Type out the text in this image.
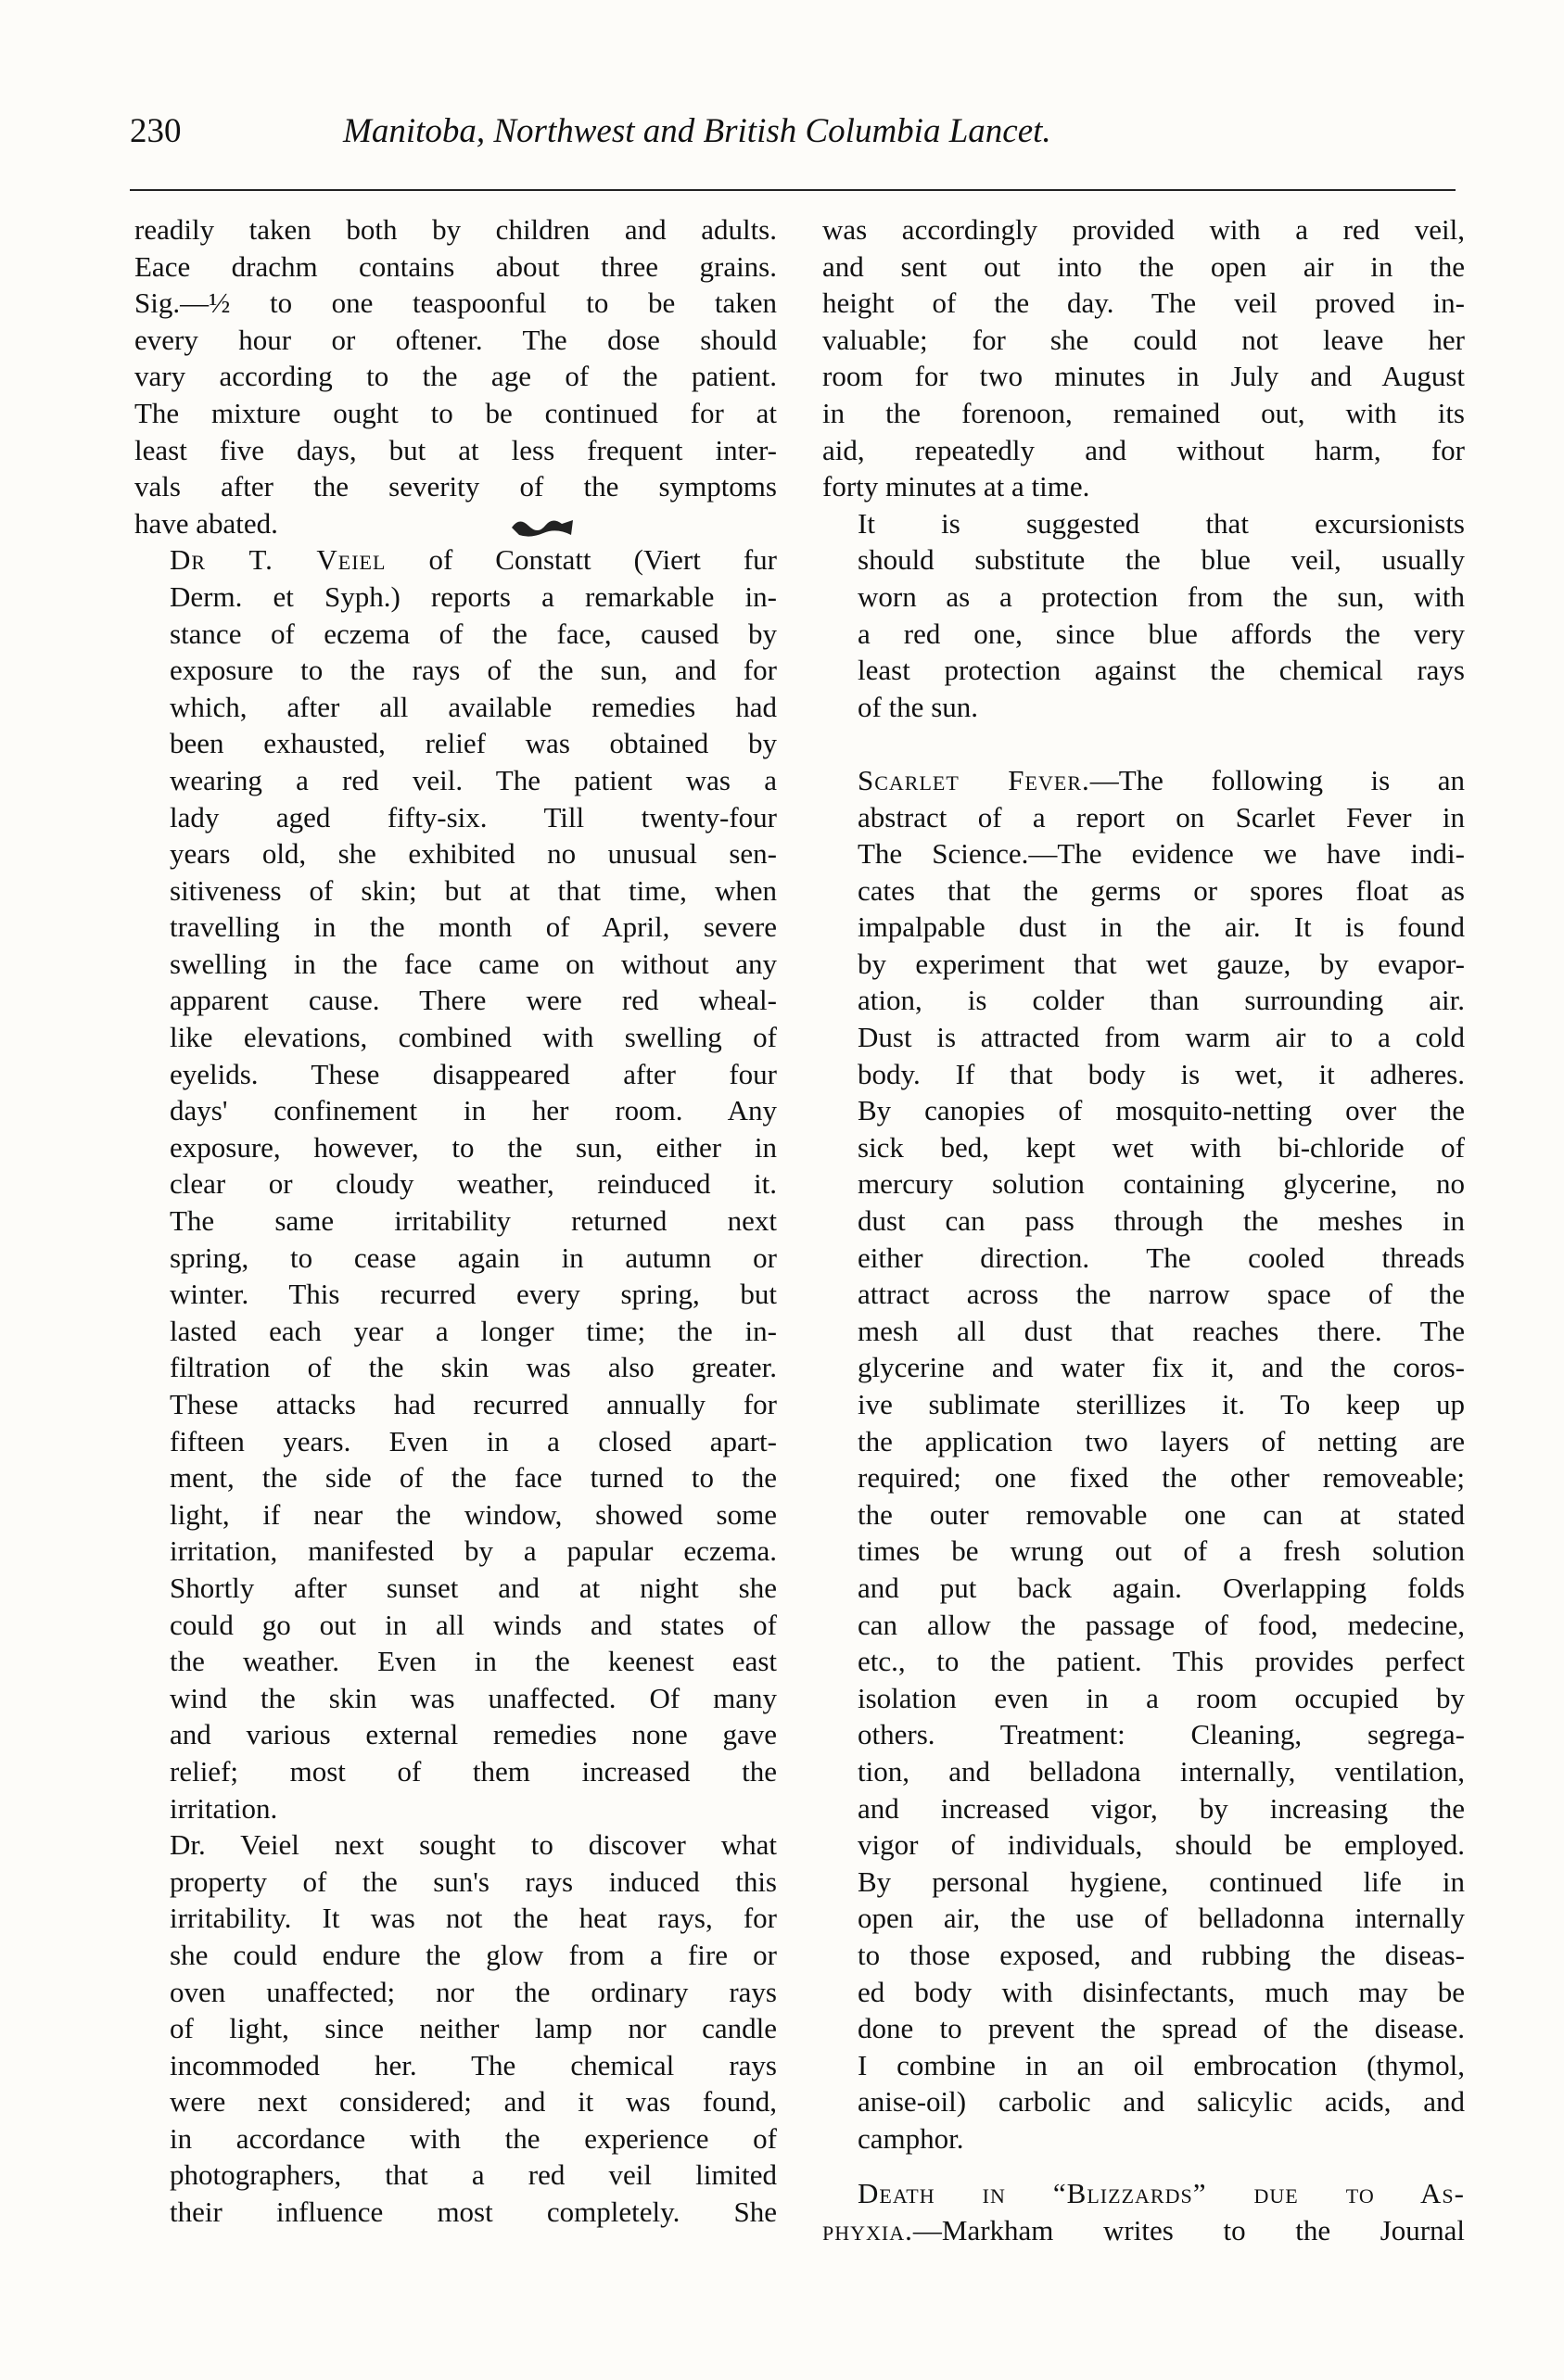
230	Manitoba, Northwest and British Columbia Lancet.

readily taken both by children and adults.
Eace drachm contains about three grains.
Sig.—½ to one teaspoonful to be taken
every hour or oftener. The dose should
vary according to the age of the patient.
The mixture ought to be continued for at
least five days, but at less frequent inter-
vals after the severity of the symptoms
have abated.

Dr T. Veiel of Constatt (Viert fur
Derm. et Syph.) reports a remarkable in-
stance of eczema of the face, caused by
exposure to the rays of the sun, and for
which, after all available remedies had
been exhausted, relief was obtained by
wearing a red veil. The patient was a
lady aged fifty-six. Till twenty-four
years old, she exhibited no unusual sen-
sitiveness of skin; but at that time, when
travelling in the month of April, severe
swelling in the face came on without any
apparent cause. There were red wheal-
like elevations, combined with swelling of
eyelids. These disappeared after four
days' confinement in her room. Any
exposure, however, to the sun, either in
clear or cloudy weather, reinduced it.
The same irritability returned next
spring, to cease again in autumn or
winter. This recurred every spring, but
lasted each year a longer time; the in-
filtration of the skin was also greater.
These attacks had recurred annually for
fifteen years. Even in a closed apart-
ment, the side of the face turned to the
light, if near the window, showed some
irritation, manifested by a papular eczema.
Shortly after sunset and at night she
could go out in all winds and states of
the weather. Even in the keenest east
wind the skin was unaffected. Of many
and various external remedies none gave
relief; most of them increased the
irritation.

Dr. Veiel next sought to discover what
property of the sun's rays induced this
irritability. It was not the heat rays, for
she could endure the glow from a fire or
oven unaffected; nor the ordinary rays
of light, since neither lamp nor candle
incommoded her. The chemical rays
were next considered; and it was found,
in accordance with the experience of
photographers, that a red veil limited
their influence most completely. She

was accordingly provided with a red veil,
and sent out into the open air in the
height of the day. The veil proved in-
valuable; for she could not leave her
room for two minutes in July and August
in the forenoon, remained out, with its
aid, repeatedly and without harm, for
forty minutes at a time.

It is suggested that excursionists
should substitute the blue veil, usually
worn as a protection from the sun, with
a red one, since blue affords the very
least protection against the chemical rays
of the sun.

Scarlet Fever.—The following is an
abstract of a report on Scarlet Fever in
The Science.—The evidence we have indi-
cates that the germs or spores float as
impalpable dust in the air. It is found
by experiment that wet gauze, by evapor-
ation, is colder than surrounding air.
Dust is attracted from warm air to a cold
body. If that body is wet, it adheres.
By canopies of mosquito-netting over the
sick bed, kept wet with bi-chloride of
mercury solution containing glycerine, no
dust can pass through the meshes in
either direction. The cooled threads
attract across the narrow space of the
mesh all dust that reaches there. The
glycerine and water fix it, and the coros-
ive sublimate sterillizes it. To keep up
the application two layers of netting are
required; one fixed the other removeable;
the outer removable one can at stated
times be wrung out of a fresh solution
and put back again. Overlapping folds
can allow the passage of food, medecine,
etc., to the patient. This provides perfect
isolation even in a room occupied by
others. Treatment: Cleaning, segrega-
tion, and belladona internally, ventilation,
and increased vigor, by increasing the
vigor of individuals, should be employed.
By personal hygiene, continued life in
open air, the use of belladonna internally
to those exposed, and rubbing the diseas-
ed body with disinfectants, much may be
done to prevent the spread of the disease.
I combine in an oil embrocation (thymol,
anise-oil) carbolic and salicylic acids, and
camphor.

Death in “Blizzards” due to As-
phyxia.—Markham writes to the Journal
